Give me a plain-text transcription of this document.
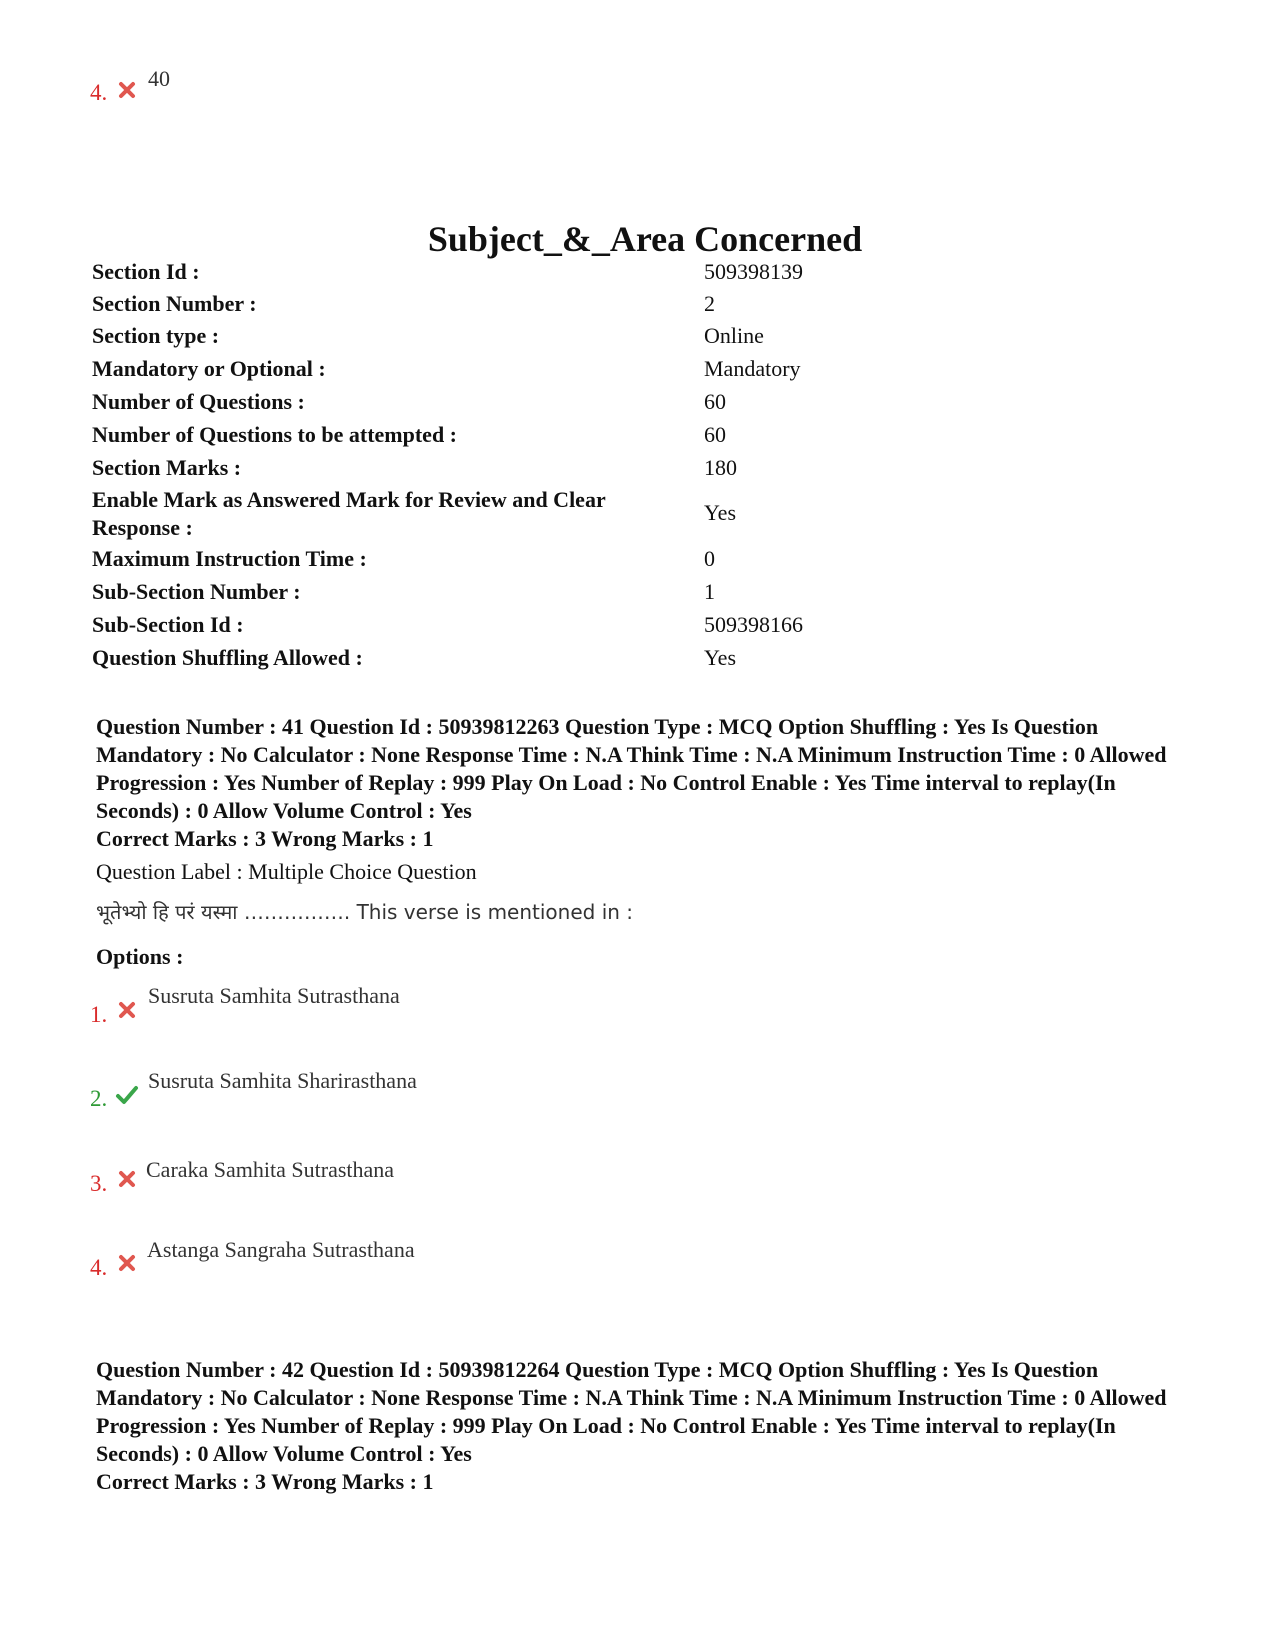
4.
40
Subject_&_Area Concerned
Section Id :	509398139
Section Number :	2
Section type :	Online
Mandatory or Optional :	Mandatory
Number of Questions :	60
Number of Questions to be attempted :	60
Section Marks :	180
Enable Mark as Answered Mark for Review and Clear Response :
Yes
Maximum Instruction Time :	0
Sub-Section Number :	1
Sub-Section Id :	509398166
Question Shuffling Allowed :	Yes
Question Number : 41 Question Id : 50939812263 Question Type : MCQ Option Shuffling : Yes Is Question Mandatory : No Calculator : None Response Time : N.A Think Time : N.A Minimum Instruction Time : 0 Allowed Progression : Yes Number of Replay : 999 Play On Load : No Control Enable : Yes Time interval to replay(In Seconds) : 0 Allow Volume Control : Yes
Correct Marks : 3 Wrong Marks : 1
Question Label : Multiple Choice Question
भूतेभ्यो हि परं यस्मा ……………. This verse is mentioned in :
Options :
1.
Susruta Samhita Sutrasthana
2.
Susruta Samhita Sharirasthana
3.
Caraka Samhita Sutrasthana
4.
Astanga Sangraha Sutrasthana
Question Number : 42 Question Id : 50939812264 Question Type : MCQ Option Shuffling : Yes Is Question Mandatory : No Calculator : None Response Time : N.A Think Time : N.A Minimum Instruction Time : 0 Allowed Progression : Yes Number of Replay : 999 Play On Load : No Control Enable : Yes Time interval to replay(In Seconds) : 0 Allow Volume Control : Yes
Correct Marks : 3 Wrong Marks : 1
